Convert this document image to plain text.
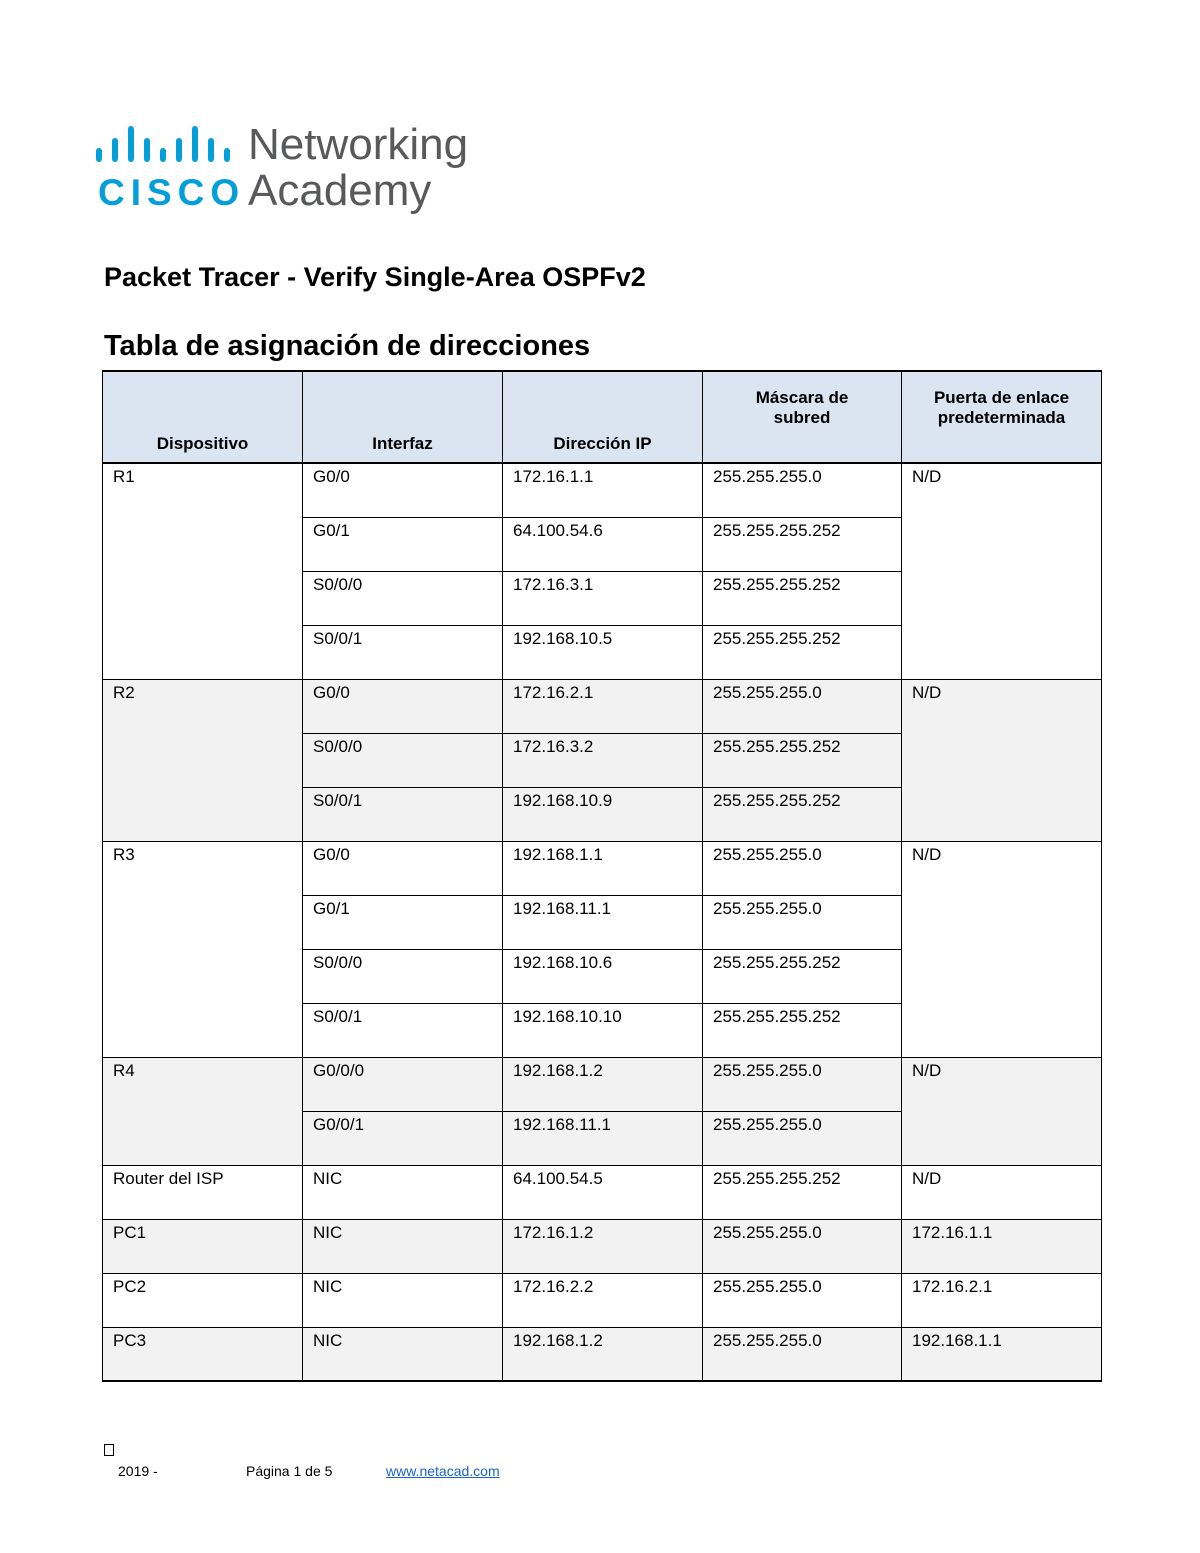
CISCO
Networking
Academy
Packet Tracer - Verify Single-Area OSPFv2
Tabla de asignación de direcciones
Dispositivo	Interfaz	Dirección IP	Máscara de subred	Puerta de enlace predeterminada
R1	G0/0	172.16.1.1	255.255.255.0	N/D
	G0/1	64.100.54.6	255.255.255.252	
	S0/0/0	172.16.3.1	255.255.255.252	
	S0/0/1	192.168.10.5	255.255.255.252	
R2	G0/0	172.16.2.1	255.255.255.0	N/D
	S0/0/0	172.16.3.2	255.255.255.252	
	S0/0/1	192.168.10.9	255.255.255.252	
R3	G0/0	192.168.1.1	255.255.255.0	N/D
	G0/1	192.168.11.1	255.255.255.0	
	S0/0/0	192.168.10.6	255.255.255.252	
	S0/0/1	192.168.10.10	255.255.255.252	
R4	G0/0/0	192.168.1.2	255.255.255.0	N/D
	G0/0/1	192.168.11.1	255.255.255.0	
Router del ISP	NIC	64.100.54.5	255.255.255.252	N/D
PC1	NIC	172.16.1.2	255.255.255.0	172.16.1.1
PC2	NIC	172.16.2.2	255.255.255.0	172.16.2.1
PC3	NIC	192.168.1.2	255.255.255.0	192.168.1.1
2019 -	Página 1 de 5	www.netacad.com
